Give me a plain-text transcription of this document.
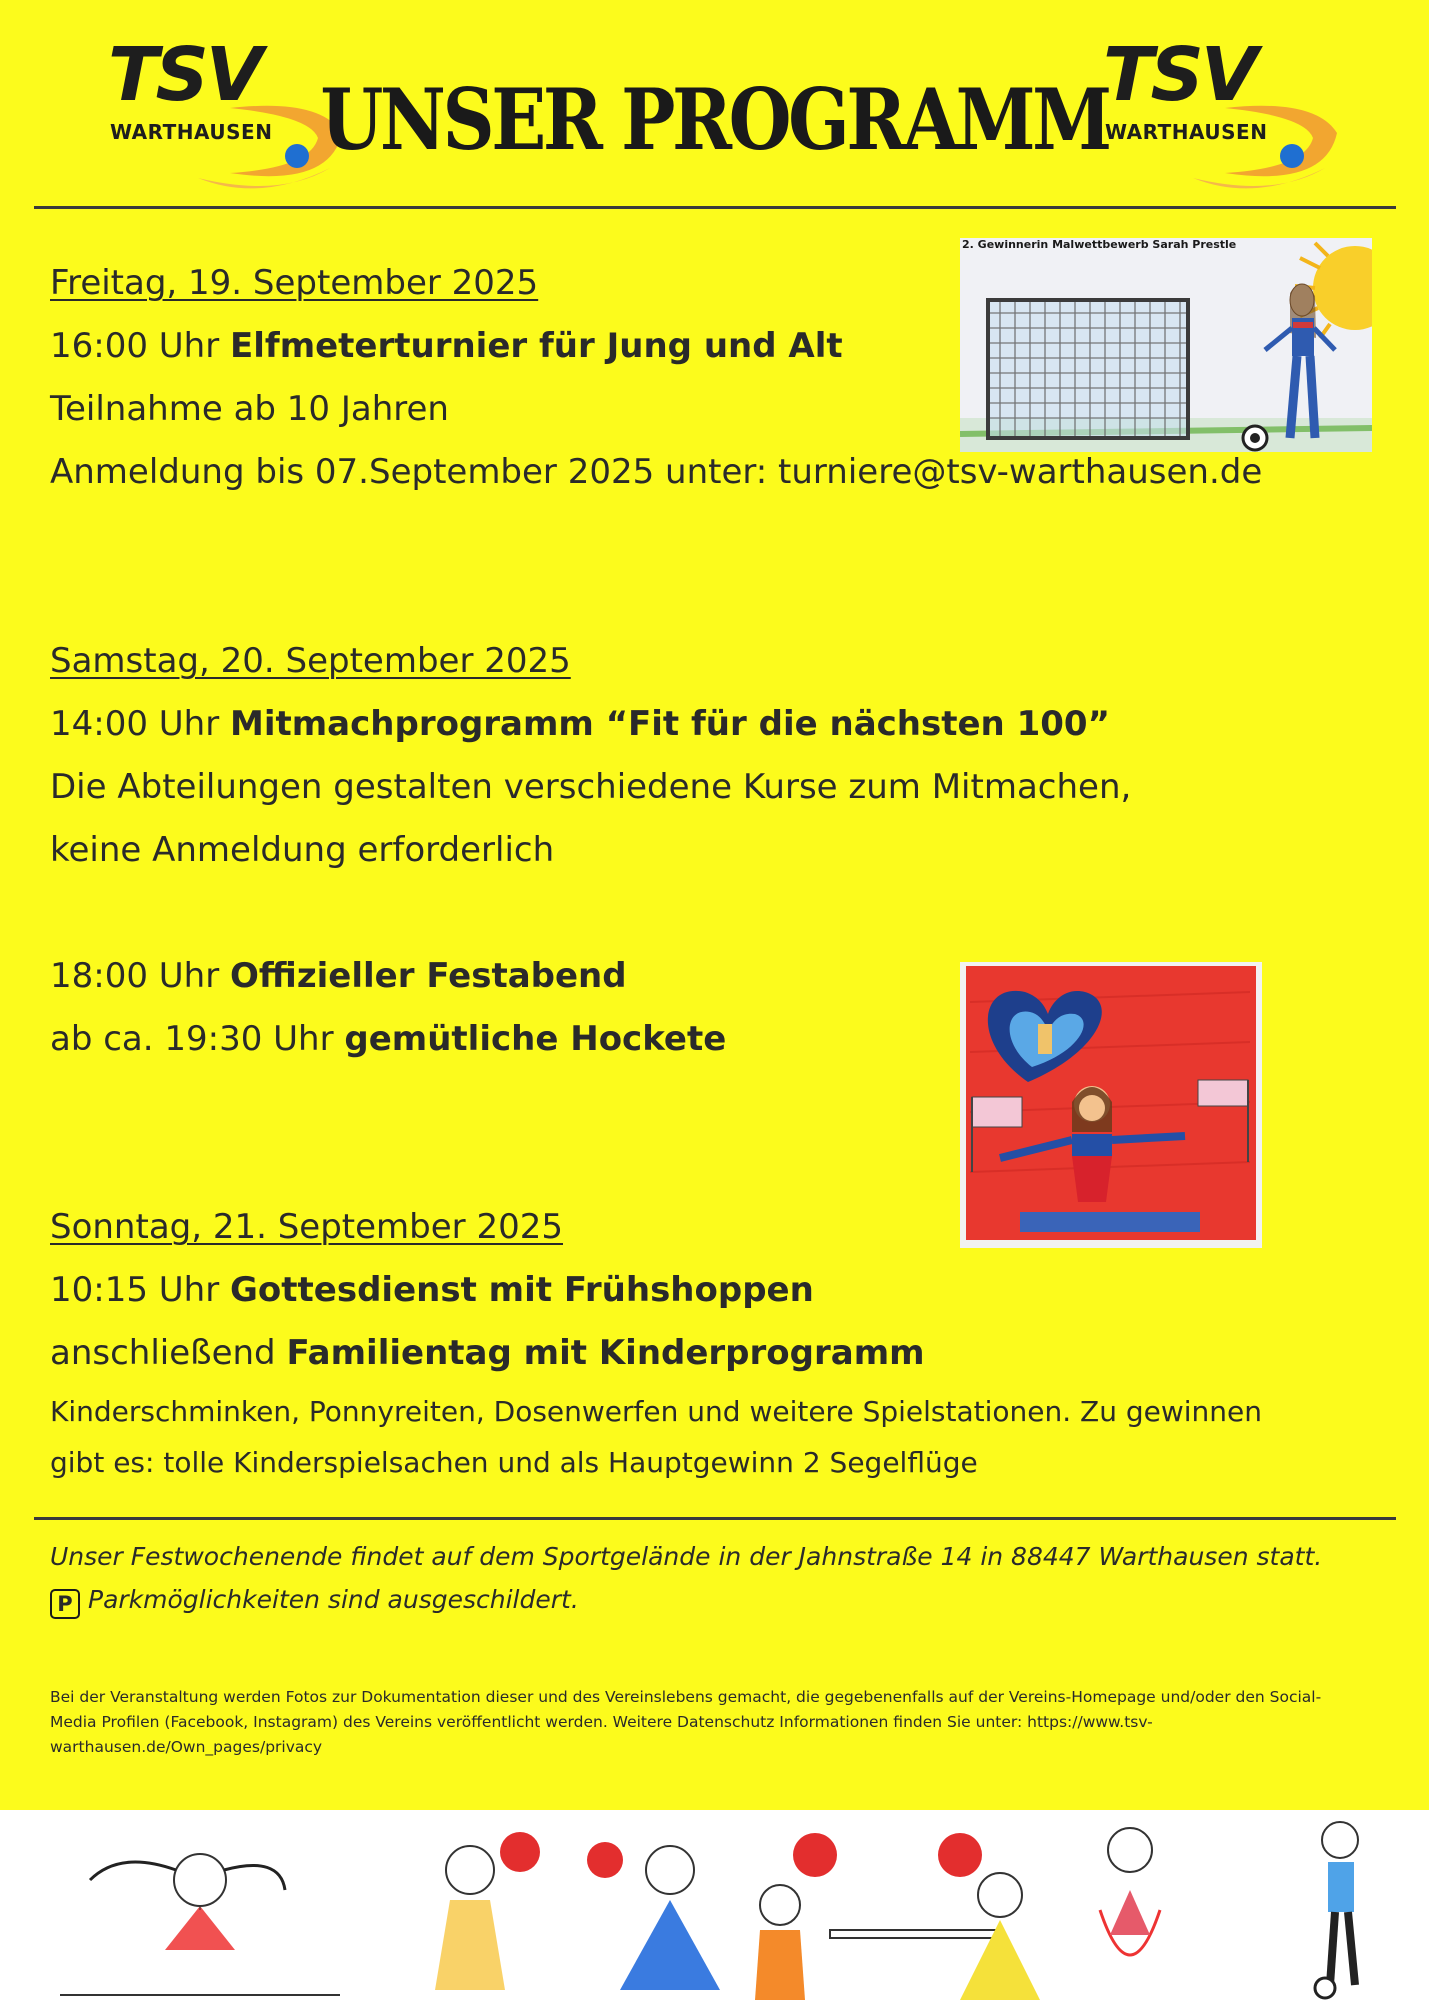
TSV
WARTHAUSEN UNSER PROGRAMM
TSV
WARTHAUSEN
Freitag, 19. September 2025
16:00 Uhr Elfmeterturnier für Jung und Alt
Teilnahme ab 10 Jahren
Anmeldung bis 07.September 2025 unter: turniere@tsv-warthausen.de
2. Gewinnerin Malwettbewerb Sarah Prestle
Samstag, 20. September 2025
14:00 Uhr Mitmachprogramm “Fit für die nächsten 100”
Die Abteilungen gestalten verschiedene Kurse zum Mitmachen,
keine Anmeldung erforderlich
18:00 Uhr Offizieller Festabend
ab ca. 19:30 Uhr gemütliche Hockete
Sonntag, 21. September 2025
10:15 Uhr Gottesdienst mit Frühshoppen
anschließend Familientag mit Kinderprogramm
Kinderschminken, Ponnyreiten, Dosenwerfen und weitere Spielstationen. Zu gewinnen
gibt es: tolle Kinderspielsachen und als Hauptgewinn 2 Segelflüge
Unser Festwochenende findet auf dem Sportgelände in der Jahnstraße 14 in 88447 Warthausen statt.
P Parkmöglichkeiten sind ausgeschildert.
Bei der Veranstaltung werden Fotos zur Dokumentation dieser und des Vereinslebens gemacht, die gegebenenfalls auf der Vereins-Homepage und/oder den Social-Media Profilen (Facebook, Instagram) des Vereins veröffentlicht werden. Weitere Datenschutz Informationen finden Sie unter: https://www.tsv-warthausen.de/Own_pages/privacy
